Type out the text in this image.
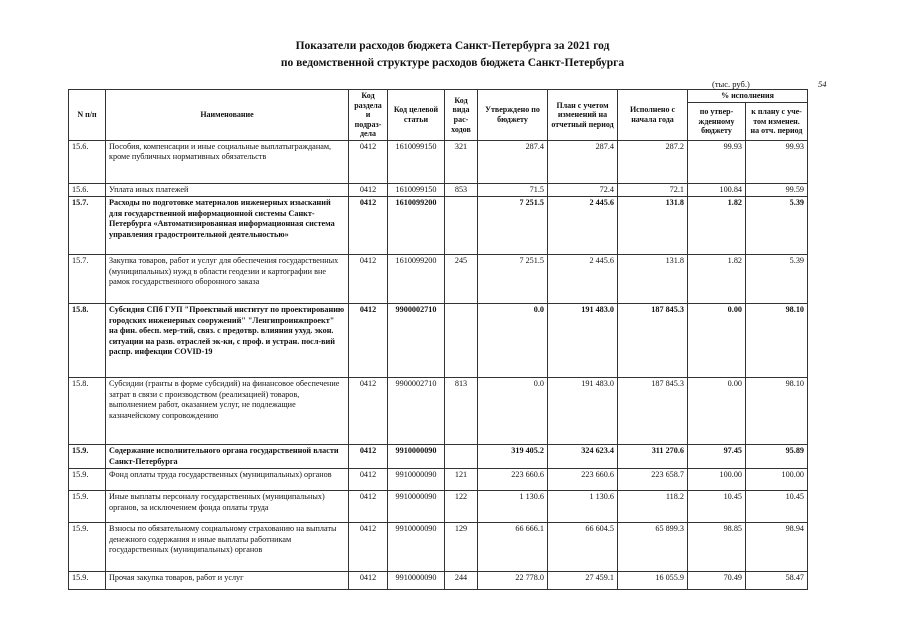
Показатели расходов бюджета Санкт-Петербурга за 2021 год
по ведомственной структуре расходов бюджета Санкт-Петербурга
(тыс. руб.)	54
N п/п	Наименование	Код раздела и подраз-дела	Код целевой статьи	Код вида рас-ходов	Утверждено по бюджету	План с учетом изменений на отчетный период	Исполнено с начала года	% исполнения	
								по утвер-жденному бюджету	к плану с уче-том изменен. на отч. период
15.6.	Пособия, компенсации и иные социальные выплатыгражданам, кроме публичных нормативных обязательств	0412	1610099150	321	287.4	287.4	287.2	99.93	99.93
15.6.	Уплата иных платежей	0412	1610099150	853	71.5	72.4	72.1	100.84	99.59
15.7.	Расходы по подготовке материалов инженерных изысканий для государственной информационной системы Санкт-Петербурга «Автоматизированная информационная система управления градостроительной деятельностью»	0412	1610099200		7 251.5	2 445.6	131.8	1.82	5.39
15.7.	Закупка товаров, работ и услуг для обеспечения государственных (муниципальных) нужд в области геодезии и картографии вне рамок государственного оборонного заказа	0412	1610099200	245	7 251.5	2 445.6	131.8	1.82	5.39
15.8.	Субсидия СПб ГУП "Проектный институт по проектированию городских инженерных сооружений" "Ленгипроинжпроект" на фин. обесп. мер-тий, связ. с предотвр. влияния ухуд. экон. ситуации на разв. отраслей эк-ки, с проф. и устран. посл-вий распр. инфекции COVID-19	0412	9900002710		0.0	191 483.0	187 845.3	0.00	98.10
15.8.	Субсидии (гранты в форме субсидий) на финансовое обеспечение затрат в связи с производством (реализацией) товаров, выполнением работ, оказанием услуг, не подлежащие казначейскому сопровождению	0412	9900002710	813	0.0	191 483.0	187 845.3	0.00	98.10
15.9.	Содержание исполнительного органа государственной власти Санкт-Петербурга	0412	9910000090		319 405.2	324 623.4	311 270.6	97.45	95.89
15.9.	Фонд оплаты труда государственных (муниципальных) органов	0412	9910000090	121	223 660.6	223 660.6	223 658.7	100.00	100.00
15.9.	Иные выплаты персоналу государственных (муниципальных) органов, за исключением фонда оплаты труда	0412	9910000090	122	1 130.6	1 130.6	118.2	10.45	10.45
15.9.	Взносы по обязательному социальному страхованию на выплаты денежного содержания и иные выплаты работникам государственных (муниципальных) органов	0412	9910000090	129	66 666.1	66 604.5	65 899.3	98.85	98.94
15.9.	Прочая закупка товаров, работ и услуг	0412	9910000090	244	22 778.0	27 459.1	16 055.9	70.49	58.47
